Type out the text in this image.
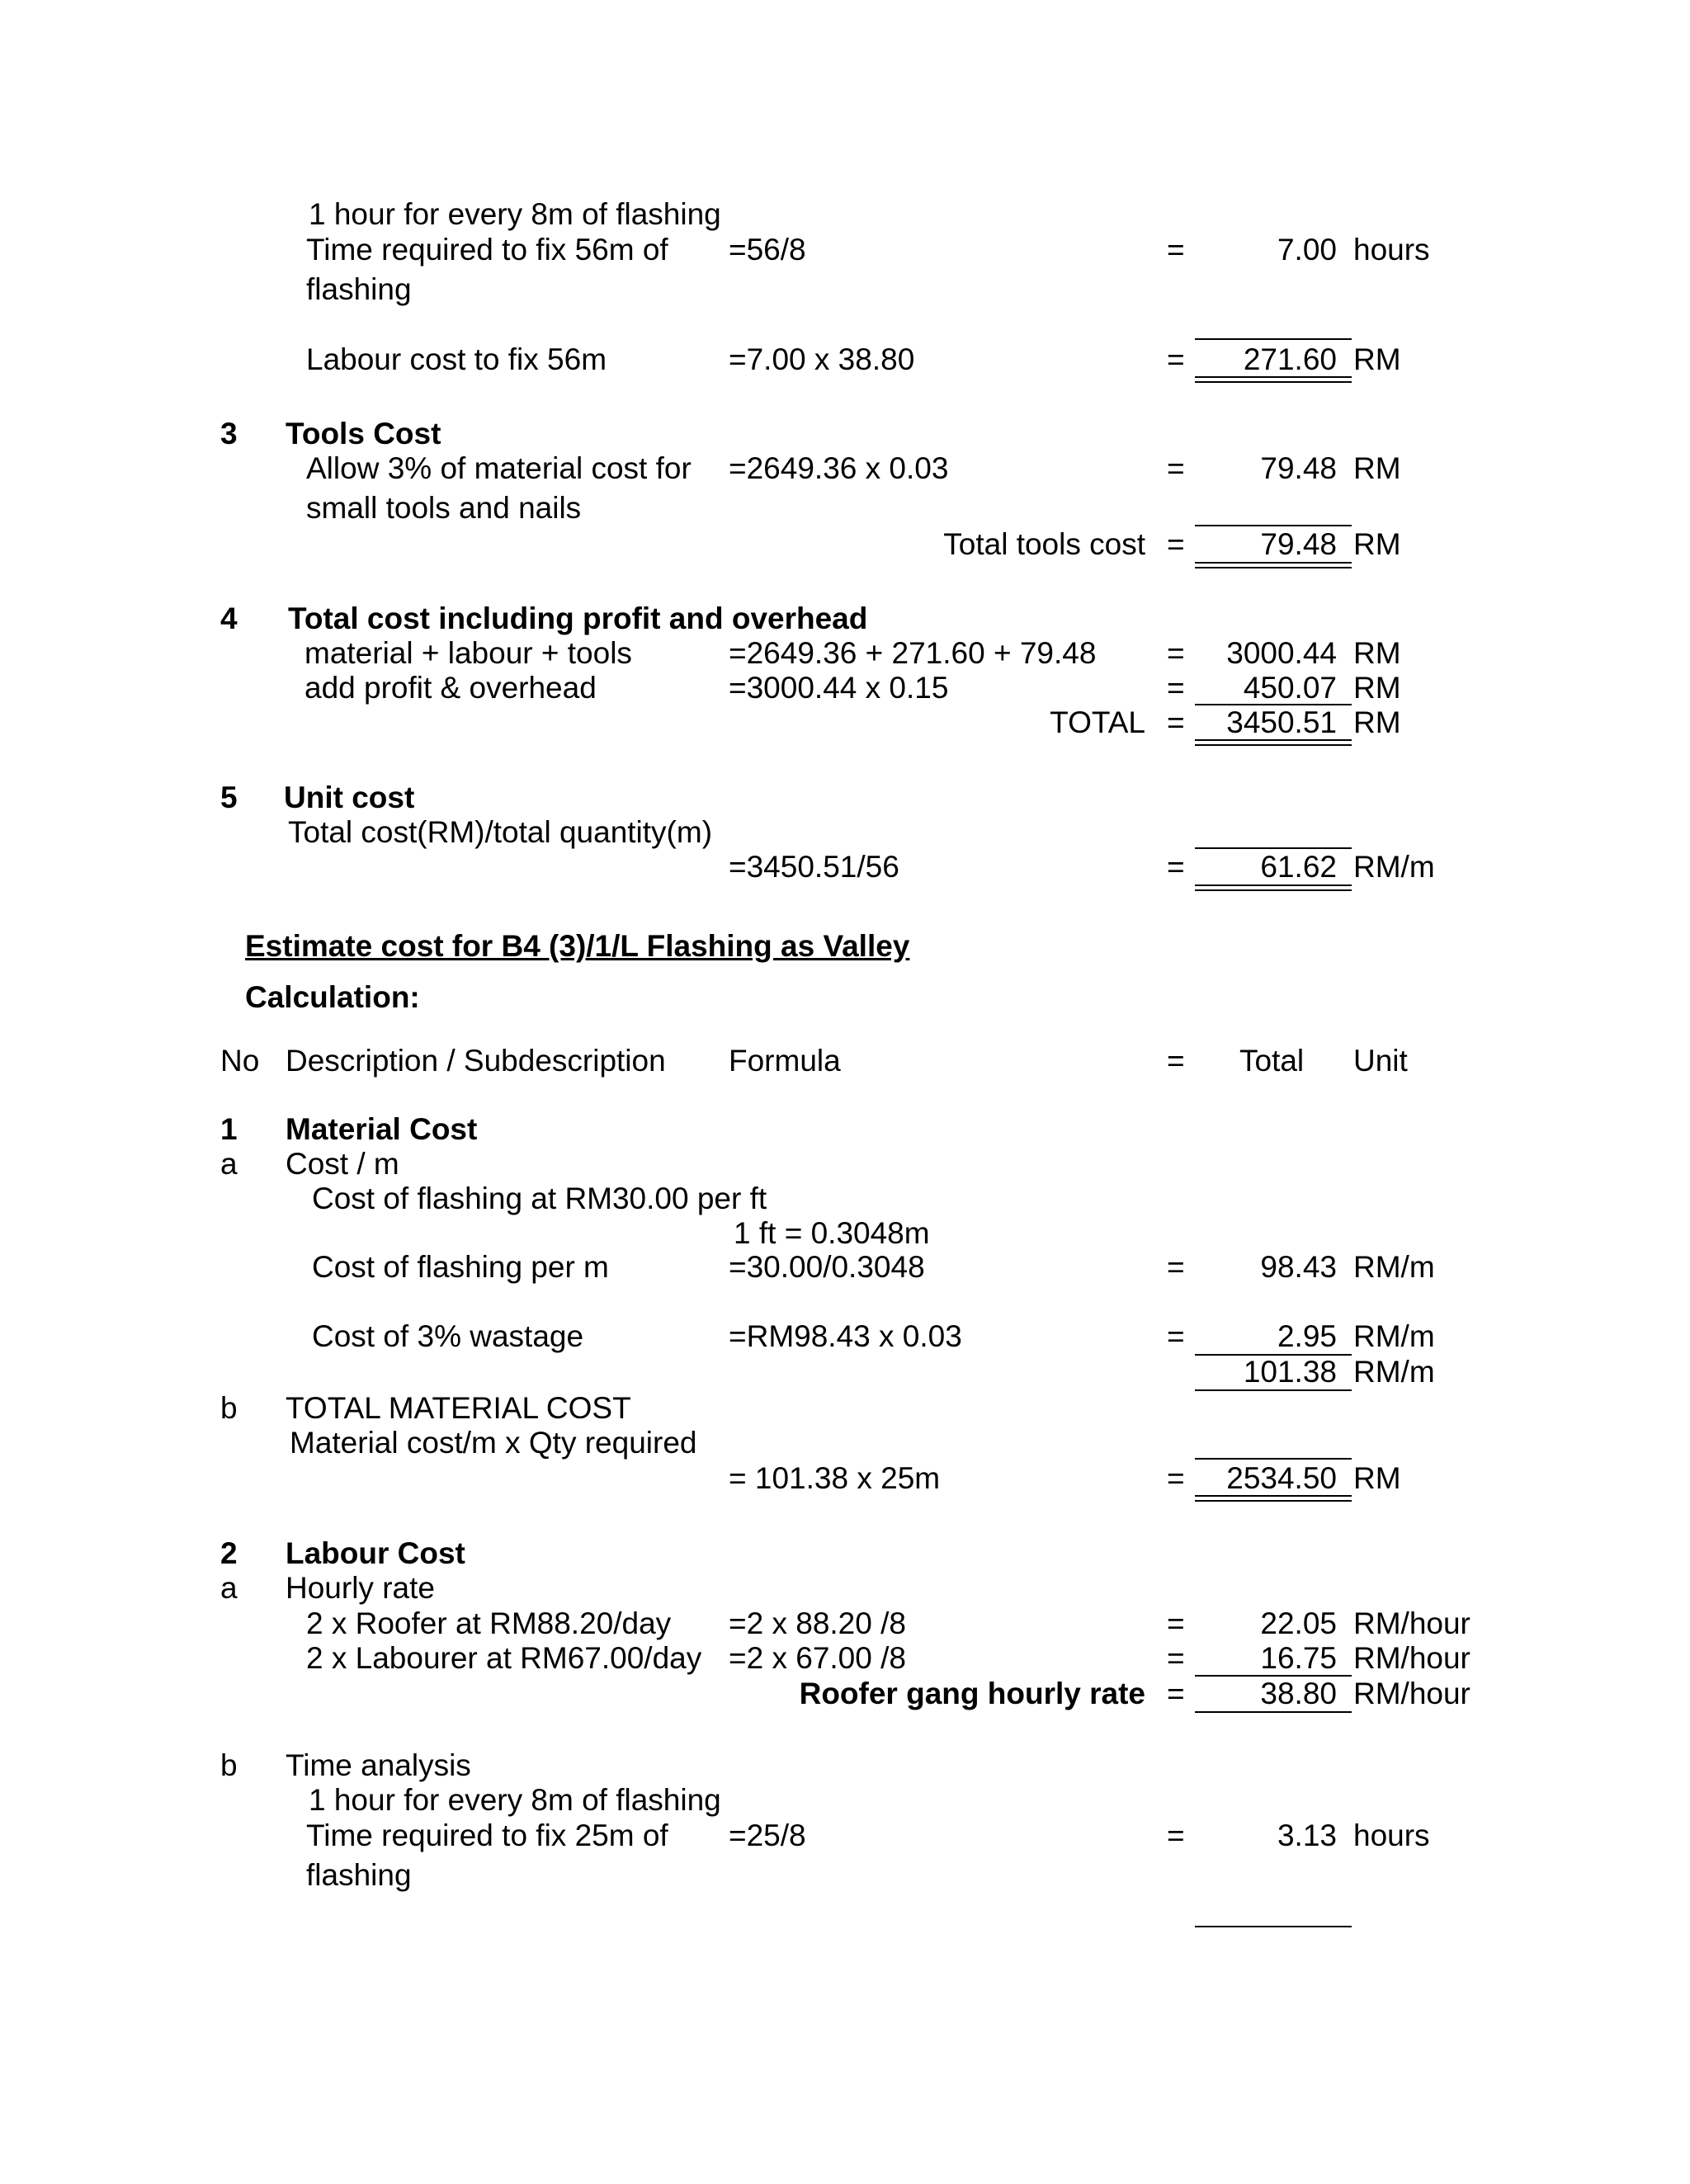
1 hour for every 8m of flashing
Time required to fix 56m of =56/8	=	7.00 hours
flashing
Labour cost to fix 56m	=7.00 x 38.80	= 271.60 RM
3 Tools Cost
Allow 3% of material cost for =2649.36 x 0.03	= 79.48 RM
small tools and nails
Total tools cost = 79.48 RM
4 Total cost including profit and overhead
material + labour + tools	=2649.36 + 271.60 + 79.48 = 3000.44 RM
add profit & overhead	=3000.44 x 0.15	= 450.07 RM
TOTAL = 3450.51 RM
5 Unit cost
Total cost(RM)/total quantity(m)
=3450.51/56	= 61.62 RM/m
Estimate cost for B4 (3)/1/L Flashing as Valley
Calculation:
No Description / Subdescription Formula	= Total Unit
1 Material Cost
a Cost / m
Cost of flashing at RM30.00 per ft
1 ft = 0.3048m
Cost of flashing per m	=30.00/0.3048	= 98.43 RM/m
Cost of 3% wastage	=RM98.43 x 0.03	=	2.95 RM/m
101.38 RM/m
b TOTAL MATERIAL COST
Material cost/m x Qty required
= 101.38 x 25m	= 2534.50 RM
2 Labour Cost
a Hourly rate
2 x Roofer at RM88.20/day =2 x 88.20 /8	= 22.05 RM/hour
2 x Labourer at RM67.00/day =2 x 67.00 /8	= 16.75 RM/hour
Roofer gang hourly rate = 38.80 RM/hour
b Time analysis
1 hour for every 8m of flashing
Time required to fix 25m of =25/8	=	3.13 hours
flashing
